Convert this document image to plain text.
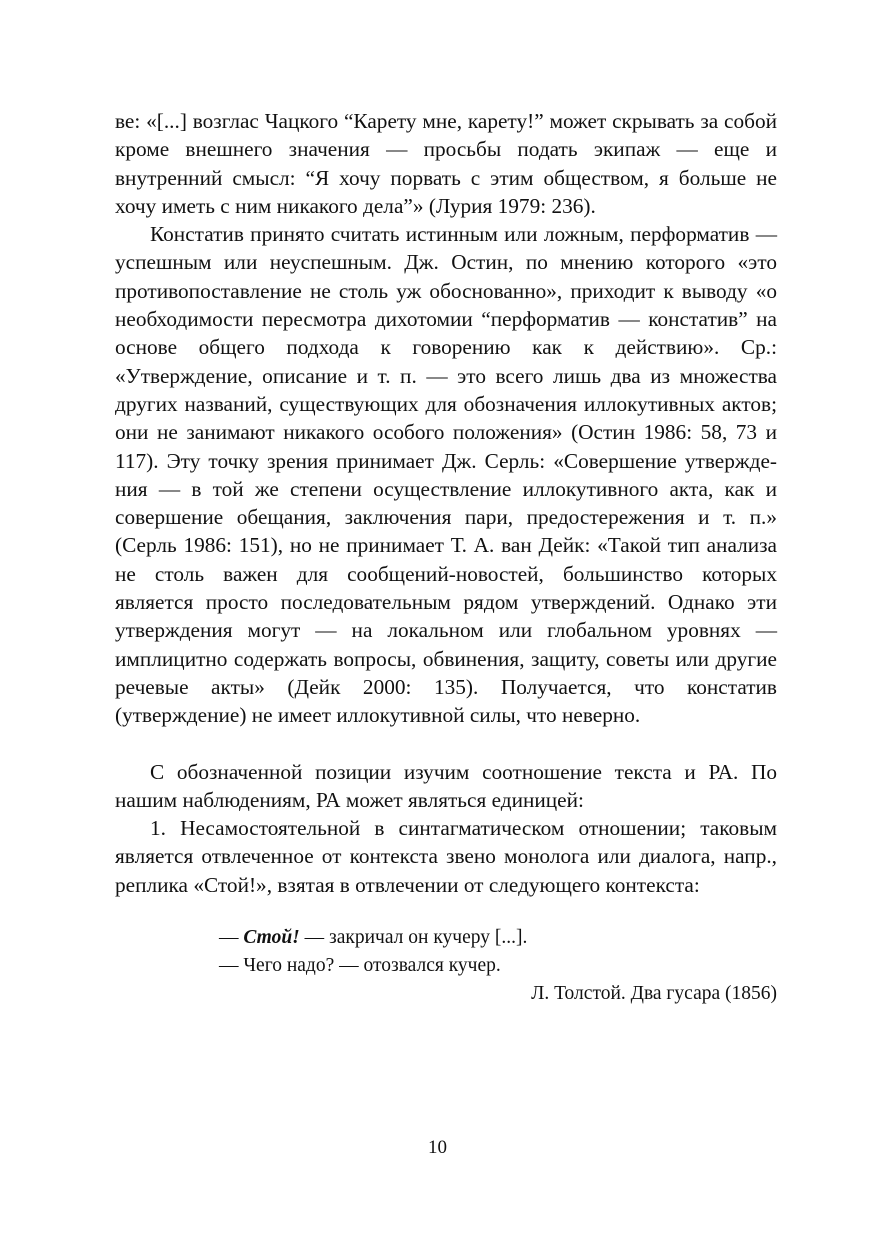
ве: «[...] возглас Чацкого “Карету мне, карету!” может скрывать за собой кроме внешнего значения — просьбы подать экипаж — еще и внутренний смысл: “Я хочу порвать с этим обществом, я больше не хочу иметь с ним никакого дела”» (Лурия 1979: 236).

Констатив принято считать истинным или ложным, перформатив — успешным или неуспешным. Дж. Остин, по мнению которого «это противопоставление не столь уж обоснованно», приходит к выводу «о необходимости пересмотра дихотомии “перформатив — констатив” на основе общего подхода к говорению как к действию». Ср.: «Утверждение, описание и т. п. — это всего лишь два из множества других названий, существующих для обозначения иллокутивных актов; они не занимают никакого особого положения» (Остин 1986: 58, 73 и 117). Эту точку зрения принимает Дж. Серль: «Совершение утверждения — в той же степени осуществление иллокутивного акта, как и совершение обещания, заключения пари, предостережения и т. п.» (Серль 1986: 151), но не принимает Т. А. ван Дейк: «Такой тип анализа не столь важен для сообщений-новостей, большинство которых является просто последовательным рядом утверждений. Однако эти утверждения могут — на локальном или глобальном уровнях — имплицитно содержать вопросы, обвинения, защиту, советы или другие речевые акты» (Дейк 2000: 135). Получается, что констатив (утверждение) не имеет иллокутивной силы, что неверно.

С обозначенной позиции изучим соотношение текста и РА. По нашим наблюдениям, РА может являться единицей:

1. Несамостоятельной в синтагматическом отношении; таковым является отвлеченное от контекста звено монолога или диалога, напр., реплика «Стой!», взятая в отвлечении от следующего контекста:

— Стой! — закричал он кучеру [...].
— Чего надо? — отозвался кучер.
Л. Толстой. Два гусара (1856)
10
